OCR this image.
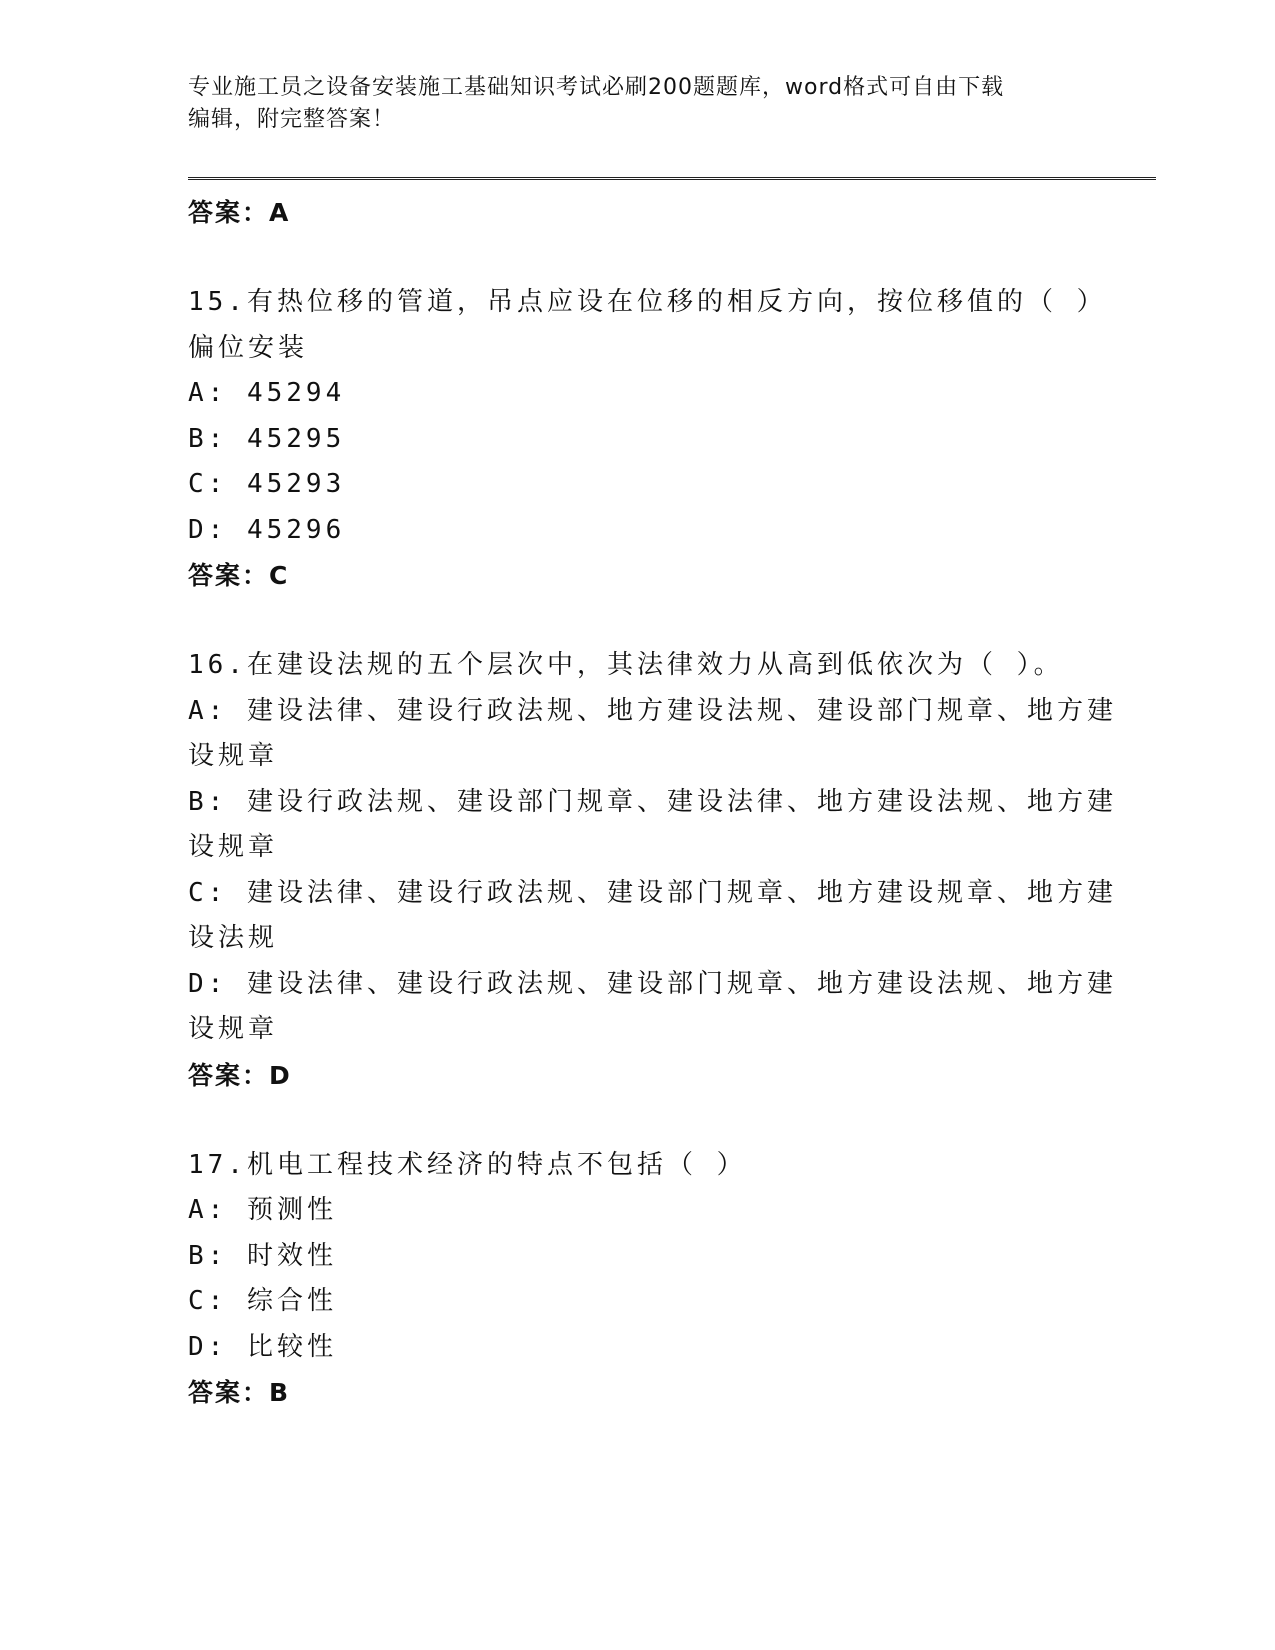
专业施工员之设备安装施工基础知识考试必刷200题题库，word格式可自由下载
编辑，附完整答案！
答案：A
15.有热位移的管道，吊点应设在位移的相反方向，按位移值的（ ）
偏位安装
A: 45294
B: 45295
C: 45293
D: 45296
答案：C
16.在建设法规的五个层次中，其法律效力从高到低依次为（ ）。
A: 建设法律、建设行政法规、地方建设法规、建设部门规章、地方建
设规章
B: 建设行政法规、建设部门规章、建设法律、地方建设法规、地方建
设规章
C: 建设法律、建设行政法规、建设部门规章、地方建设规章、地方建
设法规
D: 建设法律、建设行政法规、建设部门规章、地方建设法规、地方建
设规章
答案：D
17.机电工程技术经济的特点不包括（ ）
A: 预测性
B: 时效性
C: 综合性
D: 比较性
答案：B
